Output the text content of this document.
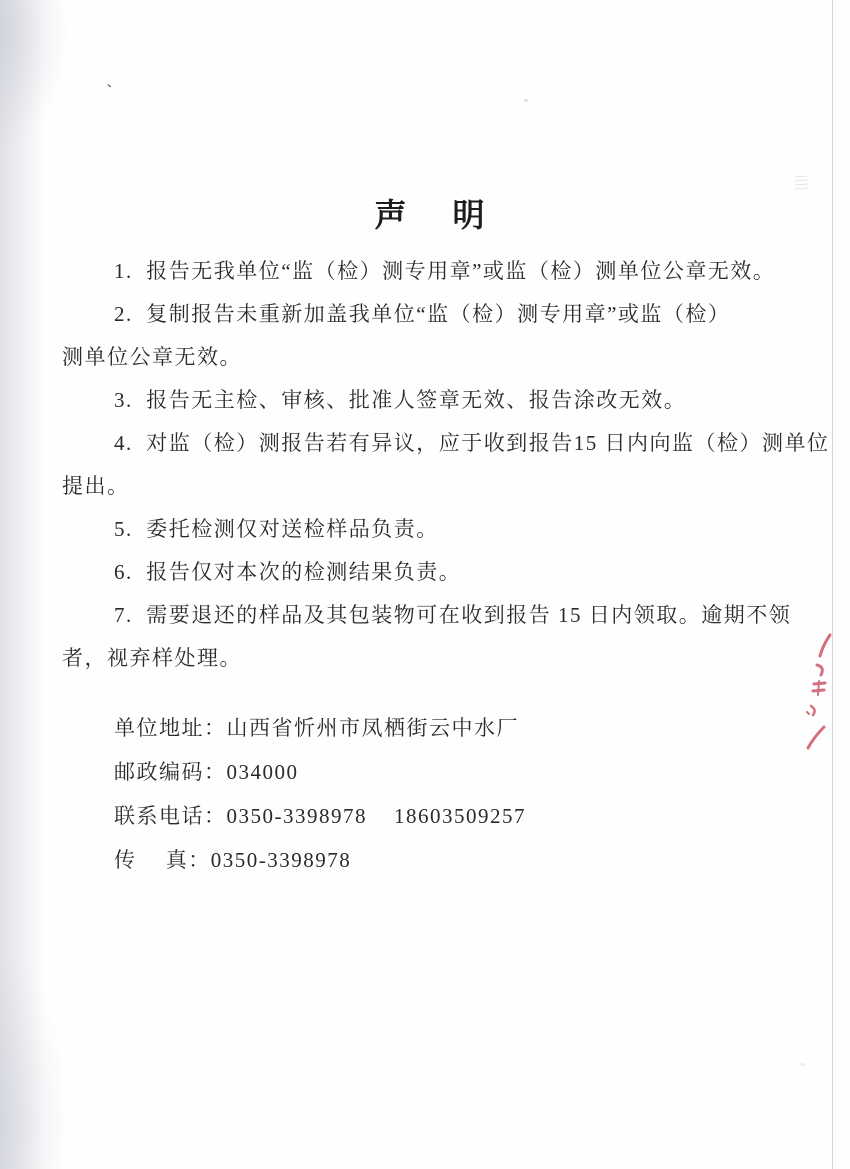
`
声　明

1.  报告无我单位“监（检）测专用章”或监（检）测单位公章无效。

2.  复制报告未重新加盖我单位“监（检）测专用章”或监（检）

测单位公章无效。

3.  报告无主检、审核、批准人签章无效、报告涂改无效。

4.  对监（检）测报告若有异议，应于收到报告15 日内向监（检）测单位

提出。

5.  委托检测仅对送检样品负责。

6.  报告仅对本次的检测结果负责。

7.  需要退还的样品及其包装物可在收到报告 15 日内领取。逾期不领

者，视弃样处理。

单位地址：山西省忻州市凤栖街云中水厂
邮政编码：034000
联系电话：0350-3398978    18603509257
传　 真：0350-3398978
